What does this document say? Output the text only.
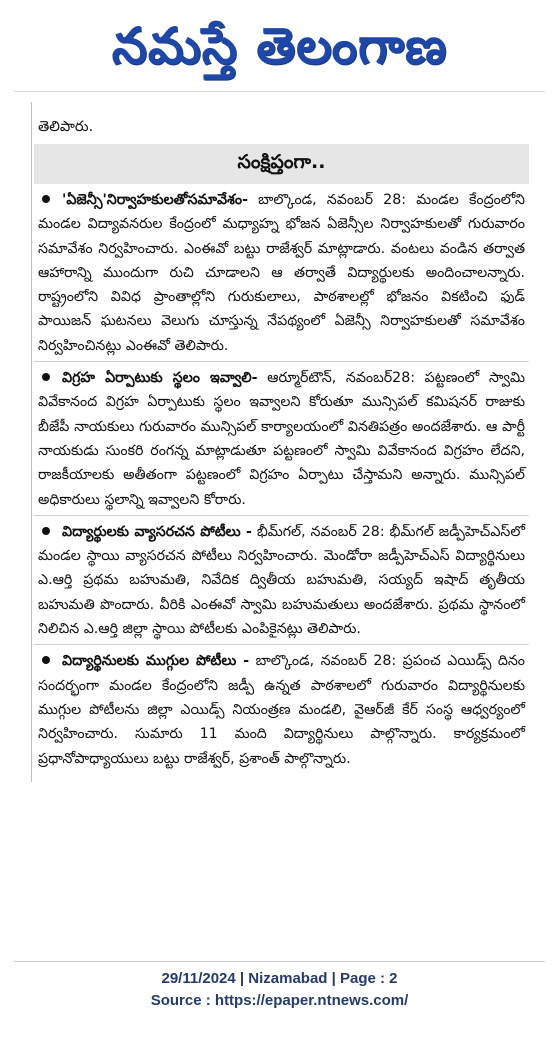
నమస్తే తెలంగాణ
తెలిపారు.
సంక్షిప్తంగా..
'ఏజెన్సీ'నిర్వాహకులతోసమావేశం- బాల్కొండ, నవంబర్ 28: మండల కేంద్రంలోని మండల విద్యావనరుల కేంద్రంలో మధ్యాహ్న భోజన ఏజెన్సీల నిర్వాహకులతో గురువారం సమావేశం నిర్వహించారు. ఎంఈవో బట్టు రాజేశ్వర్ మాట్లాడారు. వంటలు వండిన తర్వాత ఆహారాన్ని ముందుగా రుచి చూడాలని ఆ తర్వాతే విద్యార్థులకు అందించాలన్నారు. రాష్ట్రంలోని వివిధ ప్రాంతాల్లోని గురుకులాలు, పాఠశాలల్లో భోజనం వికటించి ఫుడ్ పాయిజన్ ఘటనలు వెలుగు చూస్తున్న నేపథ్యంలో ఏజెన్సీ నిర్వాహకులతో సమావేశం నిర్వహించినట్లు ఎంఈవో తెలిపారు.
విగ్రహ ఏర్పాటుకు స్థలం ఇవ్వాలి- ఆర్మూర్‌టౌన్, నవంబర్28: పట్టణంలో స్వామి వివేకానంద విగ్రహ ఏర్పాటుకు స్థలం ఇవ్వాలని కోరుతూ మున్సిపల్ కమిషనర్ రాజుకు బీజేపీ నాయకులు గురువారం మున్సిపల్ కార్యాలయంలో వినతిపత్రం అందజేశారు. ఆ పార్టీ నాయకుడు సుంకరి రంగన్న మాట్లాడుతూ పట్టణంలో స్వామి వివేకానంద విగ్రహం లేదని, రాజకీయాలకు అతీతంగా పట్టణంలో విగ్రహం ఏర్పాటు చేస్తామని అన్నారు. మున్సిపల్ అధికారులు స్థలాన్ని ఇవ్వాలని కోరారు.
విద్యార్థులకు వ్యాసరచన పోటీలు - భీమ్‌గల్, నవంబర్ 28: భీమ్‌గల్ జడ్పీహెచ్ఎస్‌లో మండల స్థాయి వ్యాసరచన పోటీలు నిర్వహించారు. మెండోరా జడ్పీహెచ్ఎస్ విద్యార్థినులు ఎ.ఆర్తి ప్రథమ బహుమతి, నివేదిక ద్వితీయ బహుమతి, సయ్యద్ ఇషాద్ తృతీయ బహుమతి పొందారు. వీరికి ఎంఈవో స్వామి బహుమతులు అందజేశారు. ప్రథమ స్థానంలో నిలిచిన ఎ.ఆర్తి జిల్లా స్థాయి పోటీలకు ఎంపికైనట్లు తెలిపారు.
విద్యార్థినులకు ముగ్గుల పోటీలు - బాల్కొండ, నవంబర్ 28: ప్రపంచ ఎయిడ్స్ దినం సందర్భంగా మండల కేంద్రంలోని జడ్పీ ఉన్నత పాఠశాలలో గురువారం విద్యార్థినులకు ముగ్గుల పోటీలను జిల్లా ఎయిడ్స్ నియంత్రణ మండలి, వైఆర్‌జీ కేర్ సంస్థ ఆధ్వర్యంలో నిర్వహించారు. సుమారు 11 మంది విద్యార్థినులు పాల్గొన్నారు. కార్యక్రమంలో ప్రధానోపాధ్యాయులు బట్టు రాజేశ్వర్, ప్రశాంత్ పాల్గొన్నారు.
29/11/2024 | Nizamabad | Page : 2
Source : https://epaper.ntnews.com/
